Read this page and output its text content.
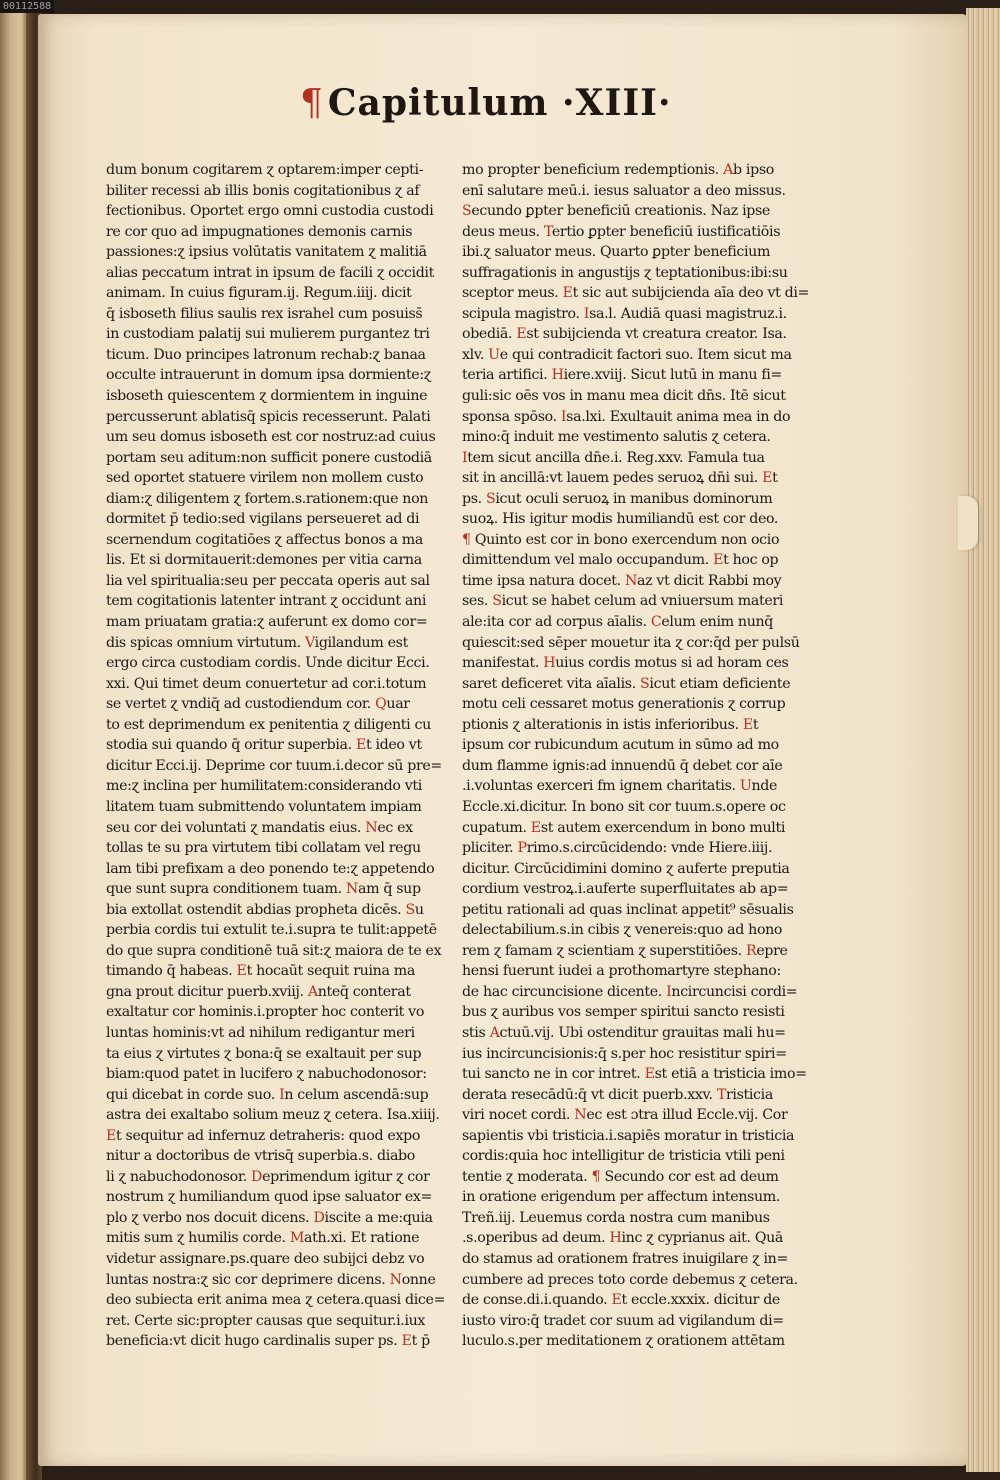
00112588
¶ Capitulum ·XIII·
dum bonum cogitarem ɀ optarem:imper cepti-
biliter recessi ab illis bonis cogitationibus ɀ af
fectionibus. Oportet ergo omni custodia custodi
re cor quo ad impugnationes demonis carnis
passiones:ɀ ipsius volūtatis vanitatem ɀ malitiā
alias peccatum intrat in ipsum de facili ɀ occidit
animam. In cuius figuram.ij. Regum.iiij. dicit
q̄ isboseth filius saulis rex israhel cum posuiss̄
in custodiam palatij sui mulierem purgantez tri
ticum. Duo principes latronum rechab:ɀ banaa
occulte intrauerunt in domum ipsa dormiente:ɀ
isboseth quiescentem ɀ dormientem in inguine
percusserunt ablatisq̄ spicis recesserunt. Palati
um seu domus isboseth est cor nostruz:ad cuius
portam seu aditum:non sufficit ponere custodiā
sed oportet statuere virilem non mollem custo
diam:ɀ diligentem ɀ fortem.s.rationem:que non
dormitet p̄ tedio:sed vigilans perseueret ad di
scernendum cogitatiōes ɀ affectus bonos a ma
lis. Et si dormitauerit:demones per vitia carna
lia vel spiritualia:seu per peccata operis aut sal
tem cogitationis latenter intrant ɀ occidunt ani
mam priuatam gratia:ɀ auferunt ex domo cor=
dis spicas omnium virtutum. Vigilandum est
ergo circa custodiam cordis. Unde dicitur Ecci.
xxi. Qui timet deum conuertetur ad cor.i.totum
se vertet ɀ vndiq̄ ad custodiendum cor. Quar
to est deprimendum ex penitentia ɀ diligenti cu
stodia sui quando q̄ oritur superbia. Et ideo vt
dicitur Ecci.ij. Deprime cor tuum.i.decor sū pre=
me:ɀ inclina per humilitatem:considerando vti
litatem tuam submittendo voluntatem impiam
seu cor dei voluntati ɀ mandatis eius. Nec ex
tollas te su pra virtutem tibi collatam vel regu
lam tibi prefixam a deo ponendo te:ɀ appetendo
que sunt supra conditionem tuam. Nam q̄ sup
bia extollat ostendit abdias propheta dicēs. Su
perbia cordis tui extulit te.i.supra te tulit:appetē
do que supra conditionē tuā sit:ɀ maiora de te ex
timando q̄ habeas. Et hocaūt sequit ruina ma
gna prout dicitur puerb.xviij. Anteq̄ conterat
exaltatur cor hominis.i.propter hoc conterit vo
luntas hominis:vt ad nihilum redigantur meri
ta eius ɀ virtutes ɀ bona:q̄ se exaltauit per sup
biam:quod patet in lucifero ɀ nabuchodonosor:
qui dicebat in corde suo. In celum ascendā:sup
astra dei exaltabo solium meuz ɀ cetera. Isa.xiiij.
Et sequitur ad infernuz detraheris: quod expo
nitur a doctoribus de vtrisq̄ superbia.s. diabo
li ɀ nabuchodonosor. Deprimendum igitur ɀ cor
nostrum ɀ humiliandum quod ipse saluator ex=
plo ɀ verbo nos docuit dicens. Discite a me:quia
mitis sum ɀ humilis corde. Math.xi. Et ratione
videtur assignare.ps.quare deo subijci debz vo
luntas nostra:ɀ sic cor deprimere dicens. Nonne
deo subiecta erit anima mea ɀ cetera.quasi dice=
ret. Certe sic:propter causas que sequitur.i.iux
beneficia:vt dicit hugo cardinalis super ps. Et p̄
mo propter beneficium redemptionis. Ab ipso
enī salutare meū.i. iesus saluator a deo missus.
Secundo ꝑpter beneficiū creationis. Naz ipse
deus meus. Tertio ꝑpter beneficiū iustificatiōis
ibi.ɀ saluator meus. Quarto ꝑpter beneficium
suffragationis in angustijs ɀ teptationibus:ibi:su
sceptor meus. Et sic aut subijcienda aīa deo vt di=
scipula magistro. Isa.l. Audiā quasi magistruz.i.
obediā. Est subijcienda vt creatura creator. Isa.
xlv. Ue qui contradicit factori suo. Item sicut ma
teria artifici. Hiere.xviij. Sicut lutū in manu fi=
guli:sic oēs vos in manu mea dicit dn̄s. Itē sicut
sponsa spōso. Isa.lxi. Exultauit anima mea in do
mino:q̄ induit me vestimento salutis ɀ cetera.
Item sicut ancilla dn̄e.i. Reg.xxv. Famula tua
sit in ancillā:vt lauem pedes seruoꝝ dn̄i sui. Et
ps. Sicut oculi seruoꝝ in manibus dominorum
suoꝝ. His igitur modis humiliandū est cor deo.
¶ Quinto est cor in bono exercendum non ocio
dimittendum vel malo occupandum. Et hoc op
time ipsa natura docet. Naz vt dicit Rabbi moy
ses. Sicut se habet celum ad vniuersum materi
ale:ita cor ad corpus aīalis. Celum enim nunq̄
quiescit:sed sēper mouetur ita ɀ cor:q̄d per pulsū
manifestat. Huius cordis motus si ad horam ces
saret deficeret vita aīalis. Sicut etiam deficiente
motu celi cessaret motus generationis ɀ corrup
ptionis ɀ alterationis in istis inferioribus. Et
ipsum cor rubicundum acutum in sūmo ad mo
dum flamme ignis:ad innuendū q̄ debet cor aīe
.i.voluntas exerceri fm ignem charitatis. Unde
Eccle.xi.dicitur. In bono sit cor tuum.s.opere oc
cupatum. Est autem exercendum in bono multi
pliciter. Primo.s.circūcidendo: vnde Hiere.iiij.
dicitur. Circūcidimini domino ɀ auferte preputia
cordium vestroꝝ.i.auferte superfluitates ab ap=
petitu rationali ad quas inclinat appetit⁹ sēsualis
delectabilium.s.in cibis ɀ venereis:quo ad hono
rem ɀ famam ɀ scientiam ɀ superstitiōes. Repre
hensi fuerunt iudei a prothomartyre stephano:
de hac circuncisione dicente. Incircuncisi cordi=
bus ɀ auribus vos semper spiritui sancto resisti
stis Actuū.vij. Ubi ostenditur grauitas mali hu=
ius incircuncisionis:q̄ s.per hoc resistitur spiri=
tui sancto ne in cor intret. Est etiā a tristicia imo=
derata resecādū:q̄ vt dicit puerb.xxv. Tristicia
viri nocet cordi. Nec est ɔtra illud Eccle.vij. Cor
sapientis vbi tristicia.i.sapiēs moratur in tristicia
cordis:quia hoc intelligitur de tristicia vtili peni
tentie ɀ moderata. ¶ Secundo cor est ad deum
in oratione erigendum per affectum intensum.
Treñ.iij. Leuemus corda nostra cum manibus
.s.operibus ad deum. Hinc ɀ cyprianus ait. Quā
do stamus ad orationem fratres inuigilare ɀ in=
cumbere ad preces toto corde debemus ɀ cetera.
de conse.di.i.quando. Et eccle.xxxix. dicitur de
iusto viro:q̄ tradet cor suum ad vigilandum di=
luculo.s.per meditationem ɀ orationem attētam
